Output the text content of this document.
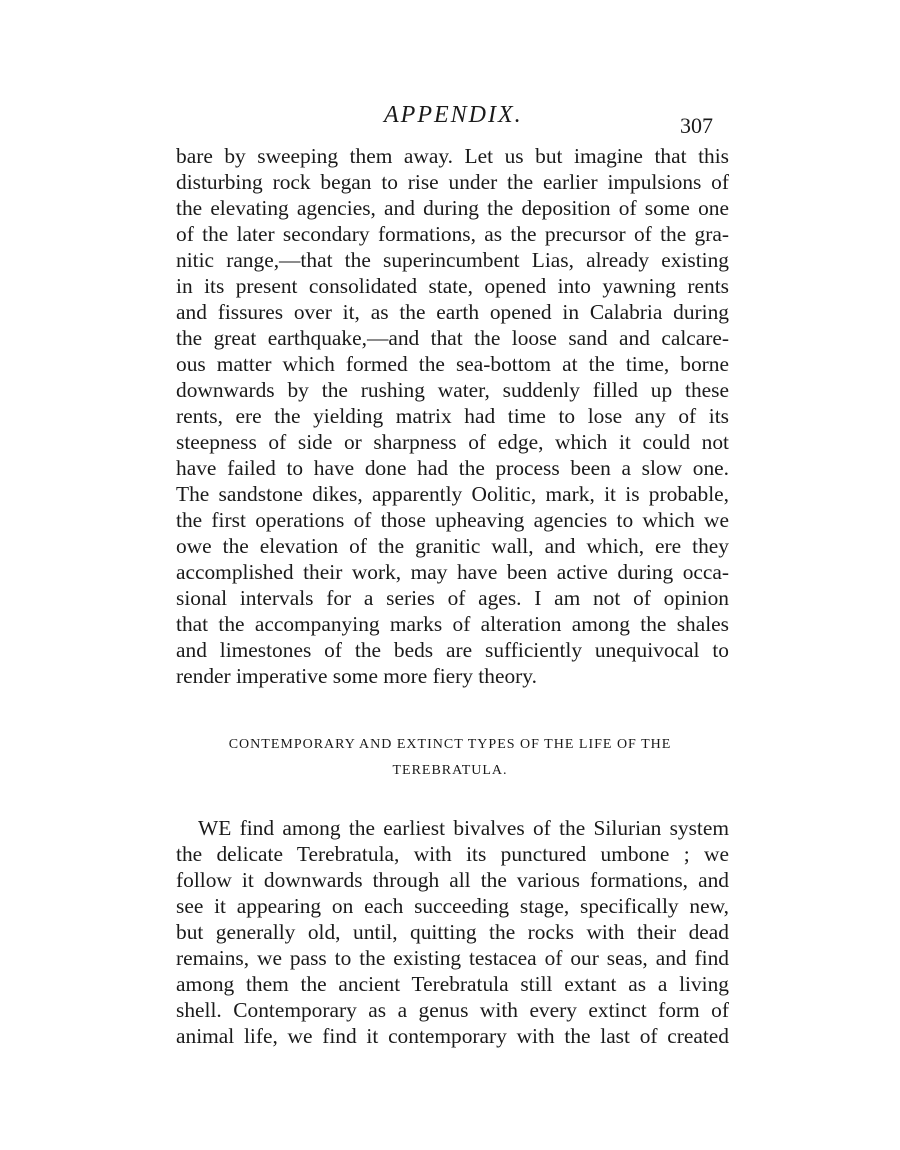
APPENDIX.	307
bare by sweeping them away. Let us but imagine that this
disturbing rock began to rise under the earlier impulsions of
the elevating agencies, and during the deposition of some one
of the later secondary formations, as the precursor of the gra-
nitic range,—that the superincumbent Lias, already existing
in its present consolidated state, opened into yawning rents
and fissures over it, as the earth opened in Calabria during
the great earthquake,—and that the loose sand and calcare-
ous matter which formed the sea-bottom at the time, borne
downwards by the rushing water, suddenly filled up these
rents, ere the yielding matrix had time to lose any of its
steepness of side or sharpness of edge, which it could not
have failed to have done had the process been a slow one.
The sandstone dikes, apparently Oolitic, mark, it is probable,
the first operations of those upheaving agencies to which we
owe the elevation of the granitic wall, and which, ere they
accomplished their work, may have been active during occa-
sional intervals for a series of ages. I am not of opinion
that the accompanying marks of alteration among the shales
and limestones of the beds are sufficiently unequivocal to
render imperative some more fiery theory.
CONTEMPORARY AND EXTINCT TYPES OF THE LIFE OF THE
TEREBRATULA.
WE find among the earliest bivalves of the Silurian system
the delicate Terebratula, with its punctured umbone ; we
follow it downwards through all the various formations, and
see it appearing on each succeeding stage, specifically new,
but generally old, until, quitting the rocks with their dead
remains, we pass to the existing testacea of our seas, and find
among them the ancient Terebratula still extant as a living
shell. Contemporary as a genus with every extinct form of
animal life, we find it contemporary with the last of created
